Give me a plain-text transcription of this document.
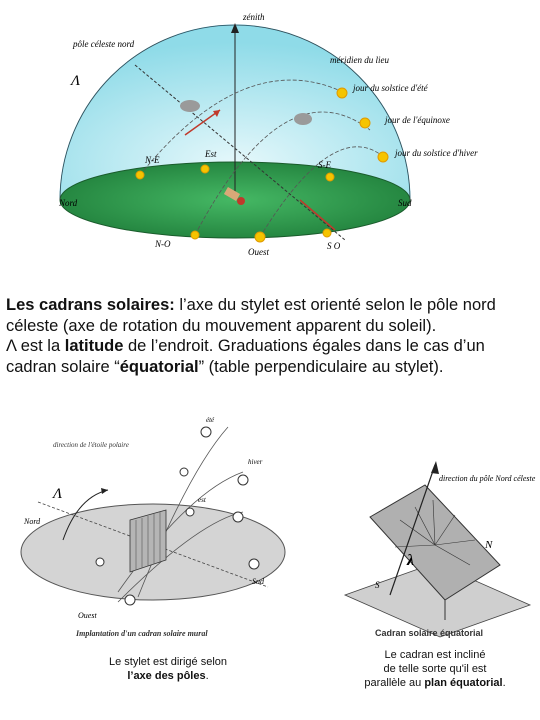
zénith
pôle céleste nord
méridien du lieu
jour du solstice d'été
jour de l'équinoxe
jour du solstice d'hiver
Λ
Nord	Sud
Est
Ouest
N-E	S-E
N-O	S O
Les cadrans solaires: l’axe du stylet est orienté selon le pôle nord céleste (axe de rotation du mouvement apparent du soleil).
Λ est la latitude de l’endroit. Graduations égales dans le cas d’un cadran solaire “équatorial” (table perpendiculaire au stylet).
Λ
direction de l'étoile polaire
été
hiver
est
Nord
Sud
Ouest
Implantation d'un cadran solaire mural
Le stylet est dirigé selon
l’axe des pôles.
direction du pôle Nord céleste
N
S
λ
Cadran solaire équatorial
Le cadran est incliné
de telle sorte qu'il est
parallèle au plan équatorial.
